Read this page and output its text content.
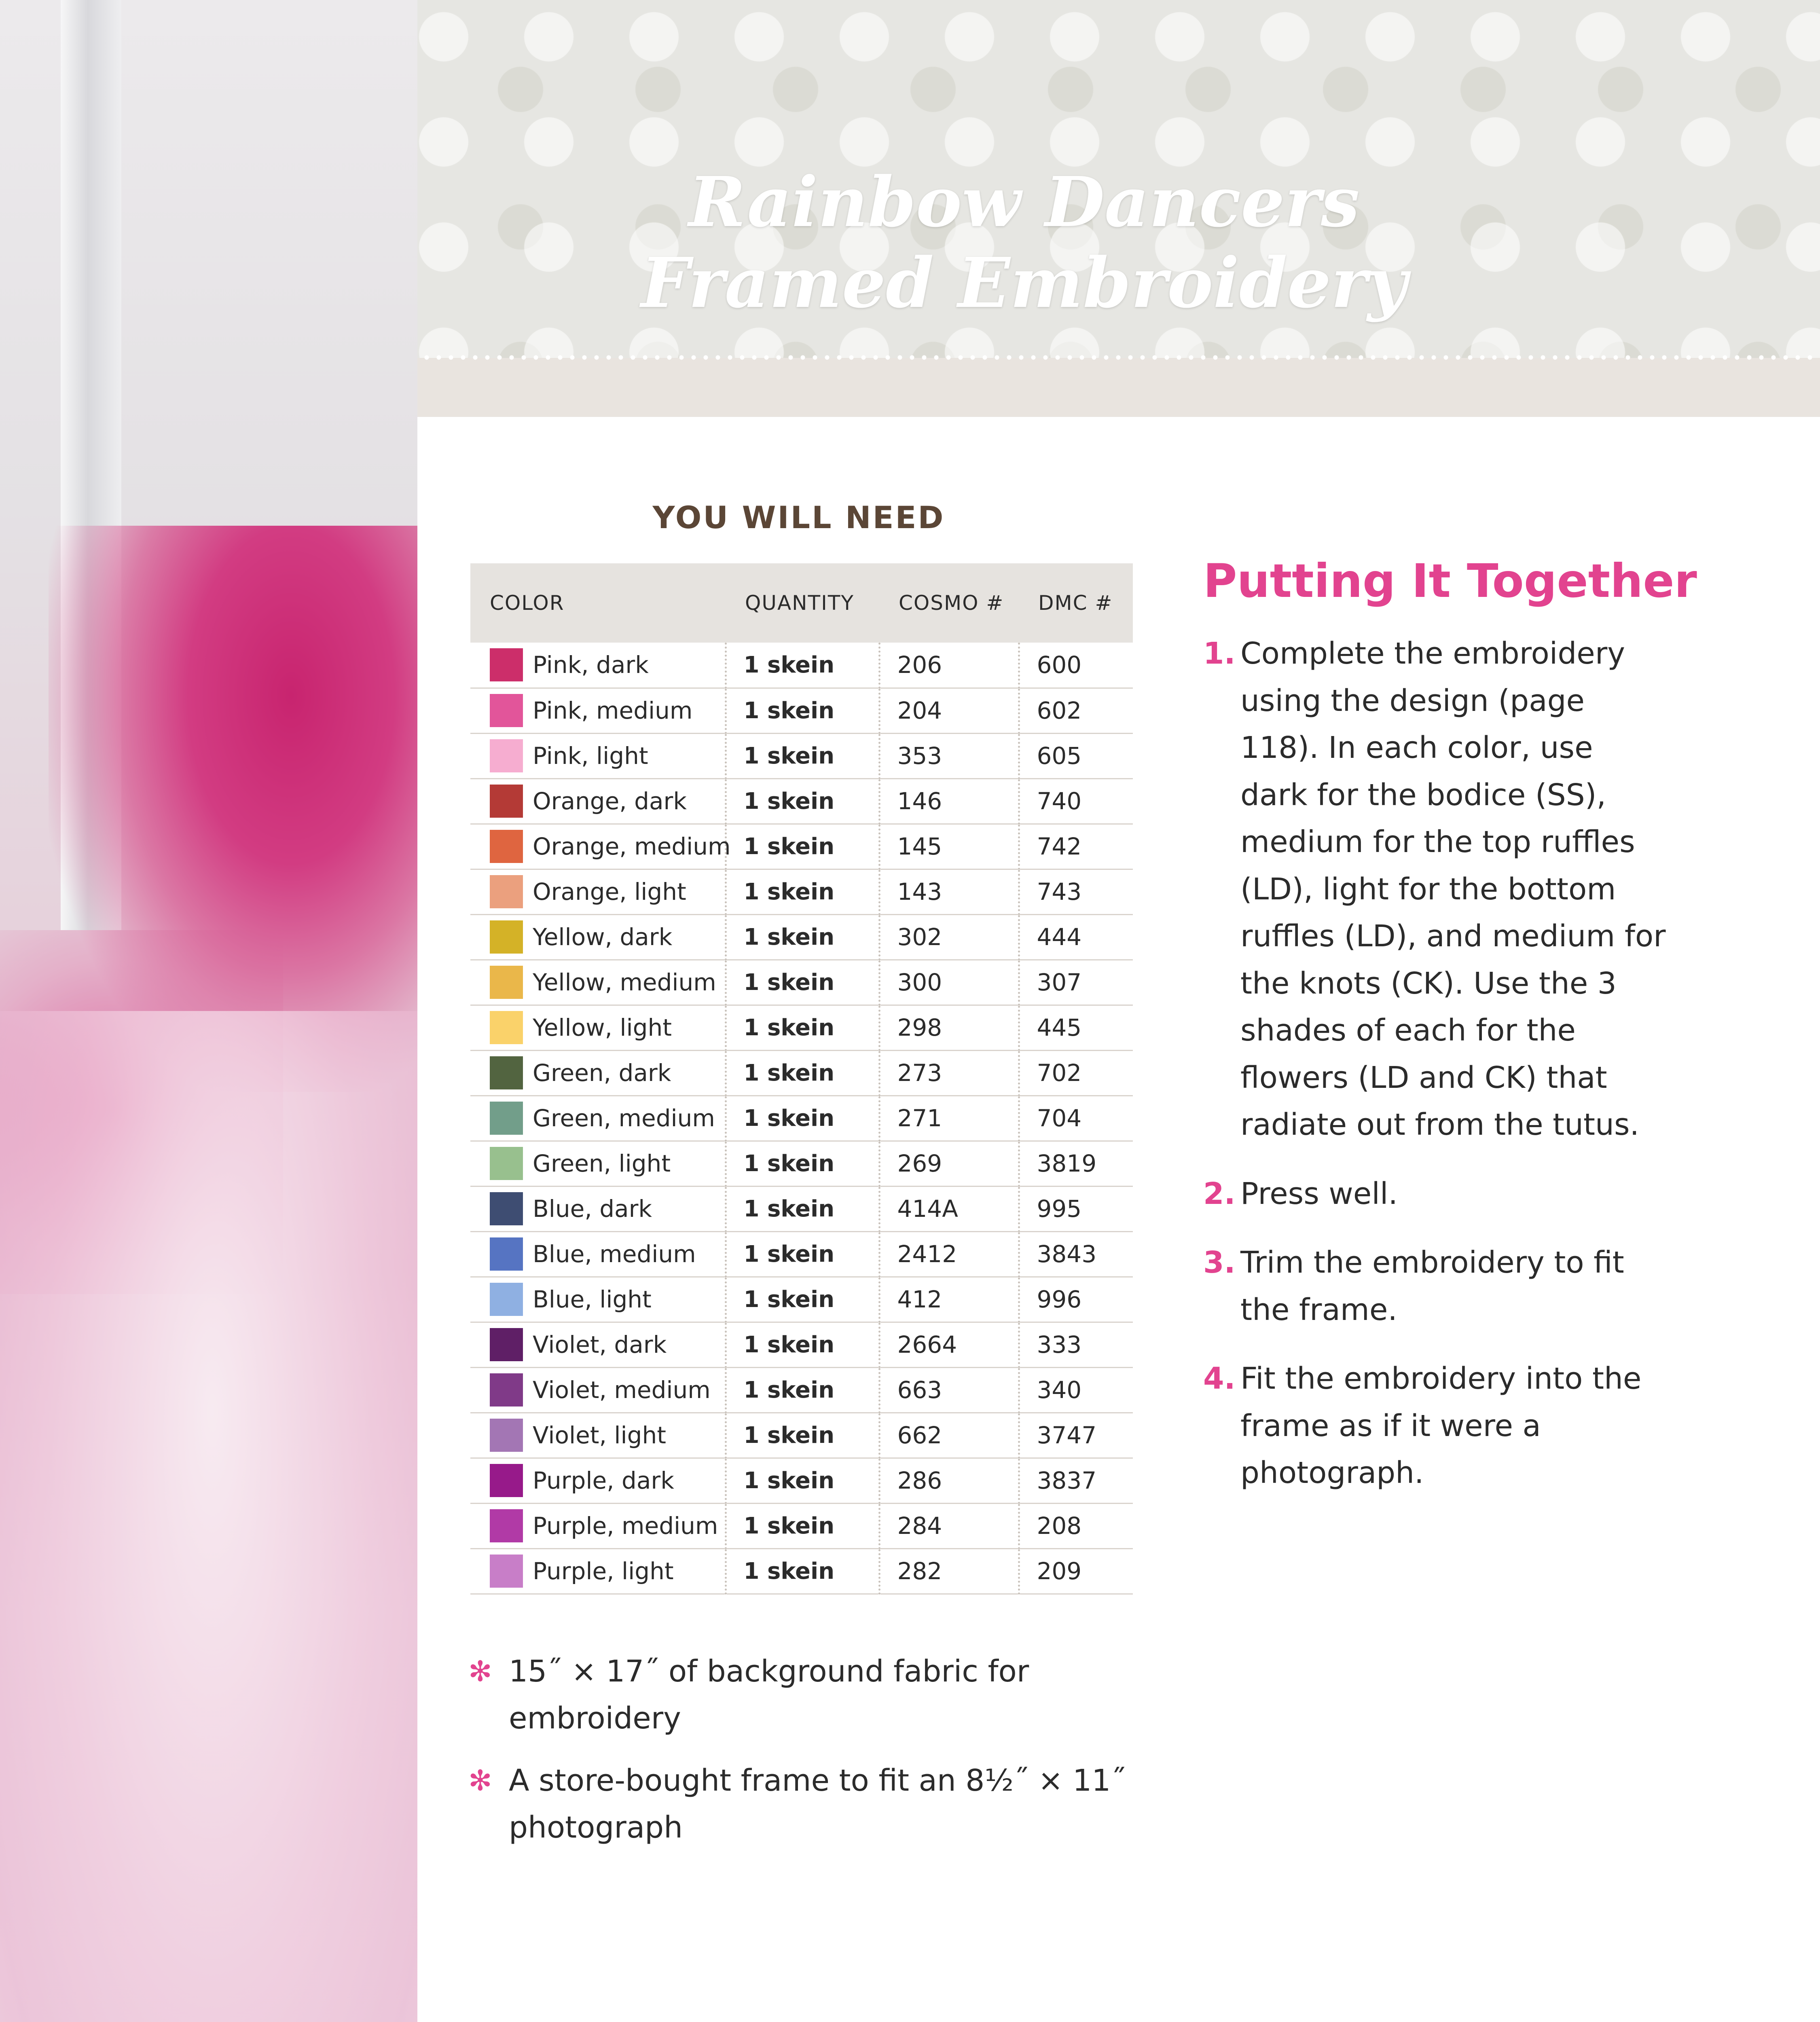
Rainbow Dancers
Framed Embroidery
YOU WILL NEED
COLOR	QUANTITY	COSMO #	DMC #
Pink, dark	1 skein	206	600
Pink, medium	1 skein	204	602
Pink, light	1 skein	353	605
Orange, dark	1 skein	146	740
Orange, medium	1 skein	145	742
Orange, light	1 skein	143	743
Yellow, dark	1 skein	302	444
Yellow, medium	1 skein	300	307
Yellow, light	1 skein	298	445
Green, dark	1 skein	273	702
Green, medium	1 skein	271	704
Green, light	1 skein	269	3819
Blue, dark	1 skein	414A	995
Blue, medium	1 skein	2412	3843
Blue, light	1 skein	412	996
Violet, dark	1 skein	2664	333
Violet, medium	1 skein	663	340
Violet, light	1 skein	662	3747
Purple, dark	1 skein	286	3837
Purple, medium	1 skein	284	208
Purple, light	1 skein	282	209
✻ 15˝ × 17˝ of background fabric for embroidery
✻ A store-bought frame to fit an 8½˝ × 11˝ photograph
Putting It Together
1. Complete the embroidery using the design (page 118). In each color, use dark for the bodice (SS), medium for the top ruffles (LD), light for the bottom ruffles (LD), and medium for the knots (CK). Use the 3 shades of each for the flowers (LD and CK) that radiate out from the tutus.
2. Press well.
3. Trim the embroidery to fit the frame.
4. Fit the embroidery into the frame as if it were a photograph.
